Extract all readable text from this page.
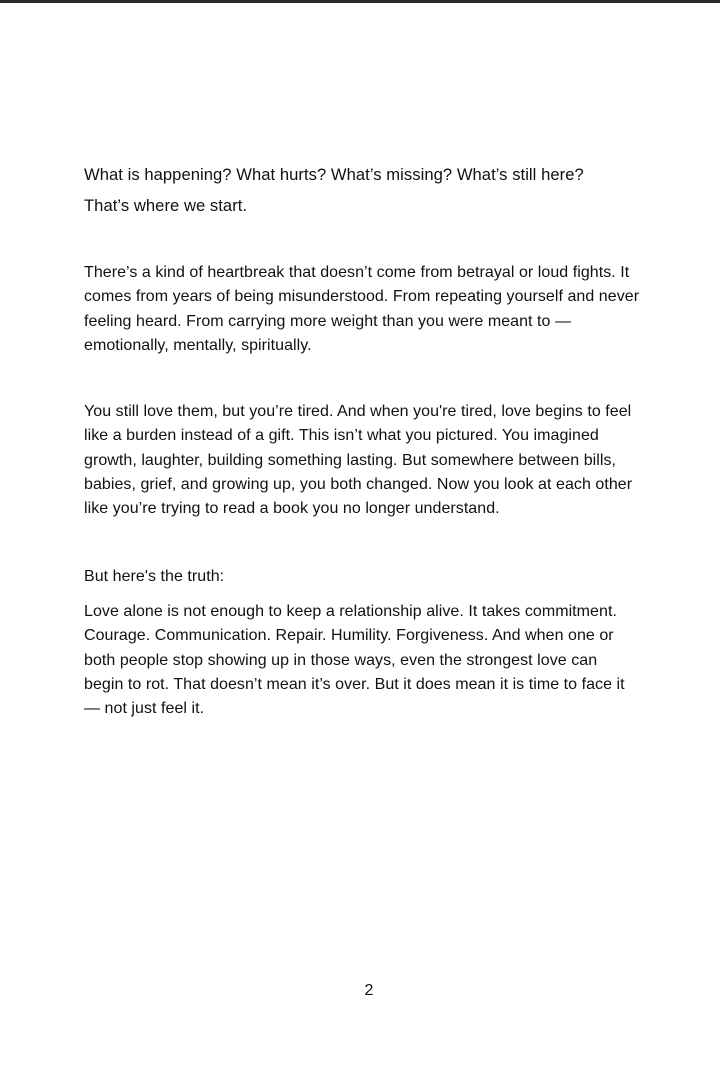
What is happening? What hurts? What’s missing? What’s still here?

That’s where we start.

There’s a kind of heartbreak that doesn’t come from betrayal or loud fights. It comes from years of being misunderstood. From repeating yourself and never feeling heard. From carrying more weight than you were meant to — emotionally, mentally, spiritually.

You still love them, but you’re tired. And when you're tired, love begins to feel like a burden instead of a gift. This isn’t what you pictured. You imagined growth, laughter, building something lasting. But somewhere between bills, babies, grief, and growing up, you both changed. Now you look at each other like you’re trying to read a book you no longer understand.

But here's the truth:

Love alone is not enough to keep a relationship alive. It takes commitment. Courage. Communication. Repair. Humility. Forgiveness. And when one or both people stop showing up in those ways, even the strongest love can begin to rot. That doesn’t mean it’s over. But it does mean it is time to face it — not just feel it.

2
